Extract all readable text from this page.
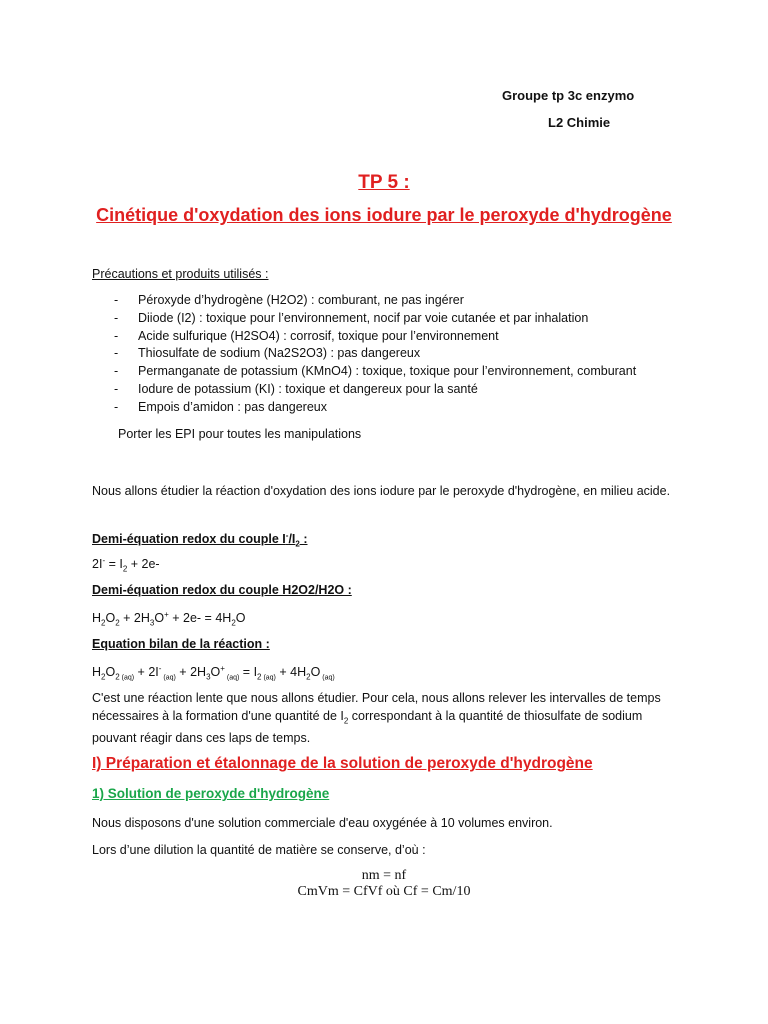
Groupe tp 3c enzymo

L2 Chimie

TP 5 :

Cinétique d'oxydation des ions iodure par le peroxyde d'hydrogène

Précautions et produits utilisés :

- Péroxyde d’hydrogène (H2O2) : comburant, ne pas ingérer
- Diiode (I2) : toxique pour l’environnement, nocif par voie cutanée et par inhalation
- Acide sulfurique (H2SO4) : corrosif, toxique pour l’environnement
- Thiosulfate de sodium (Na2S2O3) : pas dangereux
- Permanganate de potassium (KMnO4) : toxique, toxique pour l’environnement, comburant
- Iodure de potassium (KI) : toxique et dangereux pour la santé
- Empois d’amidon : pas dangereux

Porter les EPI pour toutes les manipulations

Nous allons étudier la réaction d'oxydation des ions iodure par le peroxyde d'hydrogène, en milieu acide.

Demi-équation redox du couple $I^-/I_2$ :

$2I^- = I_2 + 2e-$

Demi-équation redox du couple H2O2/H2O :

$H_2O_2 + 2H_3O^+ + 2e- = 4H_2O$

Equation bilan de la réaction :

$H_2O_2$ $_{(aq)}$ + 2I- $_{(aq)} + 2H_3O^+$ $_{(aq)} = I_2$ $_{(aq)} + 4H_2O$ $_{(aq)}$

C'est une réaction lente que nous allons étudier. Pour cela, nous allons relever les intervalles de temps nécessaires à la formation d'une quantité de $I_2$ correspondant à la quantité de thiosulfate de sodium pouvant réagir dans ces laps de temps.

I) Préparation et étalonnage de la solution de peroxyde d'hydrogène

1) Solution de peroxyde d'hydrogène

Nous disposons d'une solution commerciale d'eau oxygénée à 10 volumes environ.

Lors d’une dilution la quantité de matière se conserve, d’où :

nm = nf

CmVm = CfVf où Cf = Cm/10
